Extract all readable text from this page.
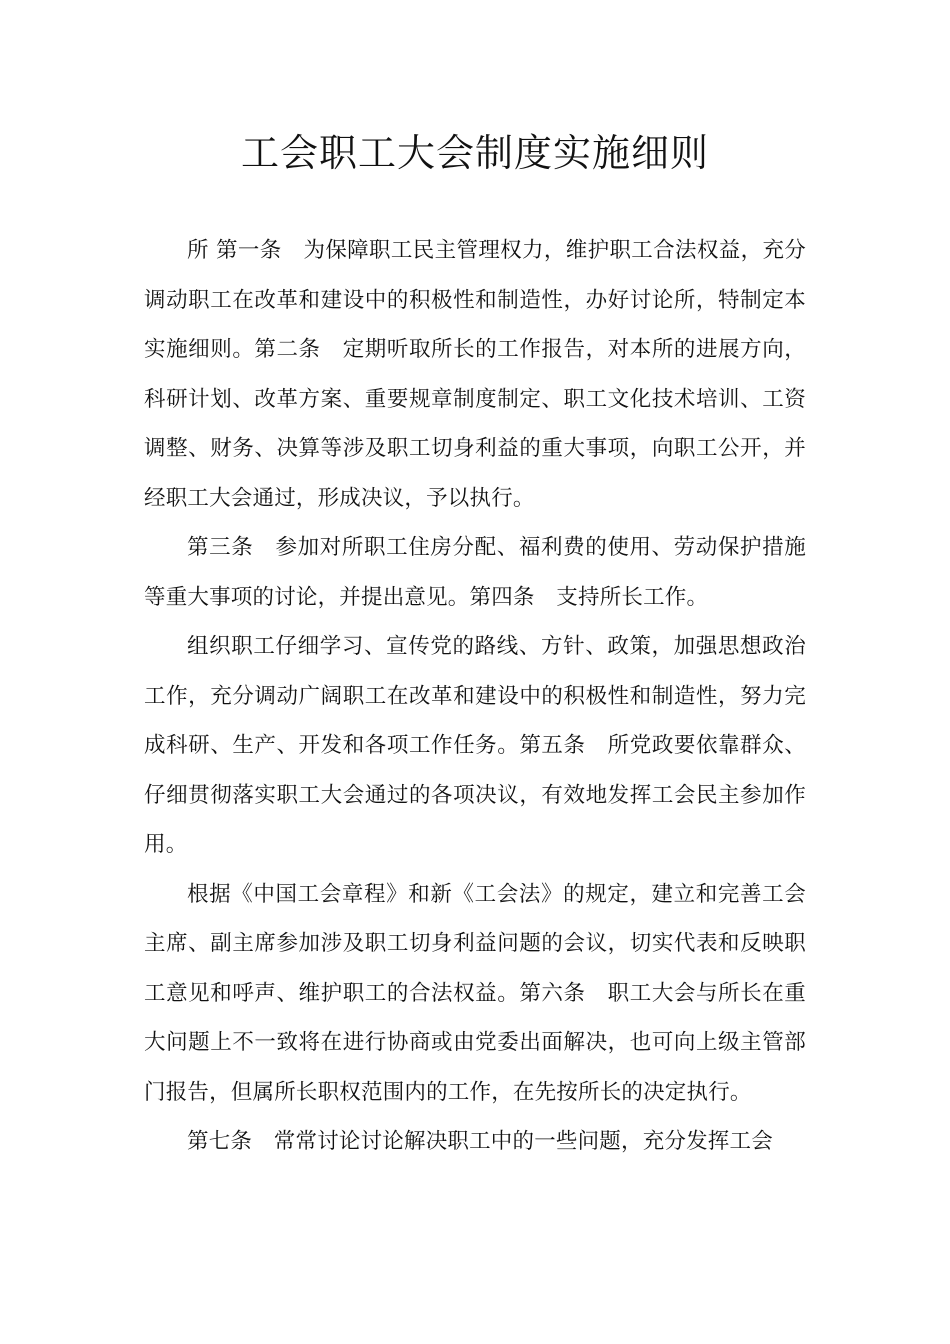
工会职工大会制度实施细则

所 第一条　为保障职工民主管理权力，维护职工合法权益，充分调动职工在改革和建设中的积极性和制造性，办好讨论所，特制定本实施细则。第二条　定期听取所长的工作报告，对本所的进展方向，科研计划、改革方案、重要规章制度制定、职工文化技术培训、工资调整、财务、决算等涉及职工切身利益的重大事项，向职工公开，并经职工大会通过，形成决议，予以执行。

第三条　参加对所职工住房分配、福利费的使用、劳动保护措施等重大事项的讨论，并提出意见。第四条　支持所长工作。

组织职工仔细学习、宣传党的路线、方针、政策，加强思想政治工作，充分调动广阔职工在改革和建设中的积极性和制造性，努力完成科研、生产、开发和各项工作任务。第五条　所党政要依靠群众、仔细贯彻落实职工大会通过的各项决议，有效地发挥工会民主参加作用。

根据《中国工会章程》和新《工会法》的规定，建立和完善工会主席、副主席参加涉及职工切身利益问题的会议，切实代表和反映职工意见和呼声、维护职工的合法权益。第六条　职工大会与所长在重大问题上不一致将在进行协商或由党委出面解决，也可向上级主管部门报告，但属所长职权范围内的工作，在先按所长的决定执行。

第七条　常常讨论讨论解决职工中的一些问题，充分发挥工会
